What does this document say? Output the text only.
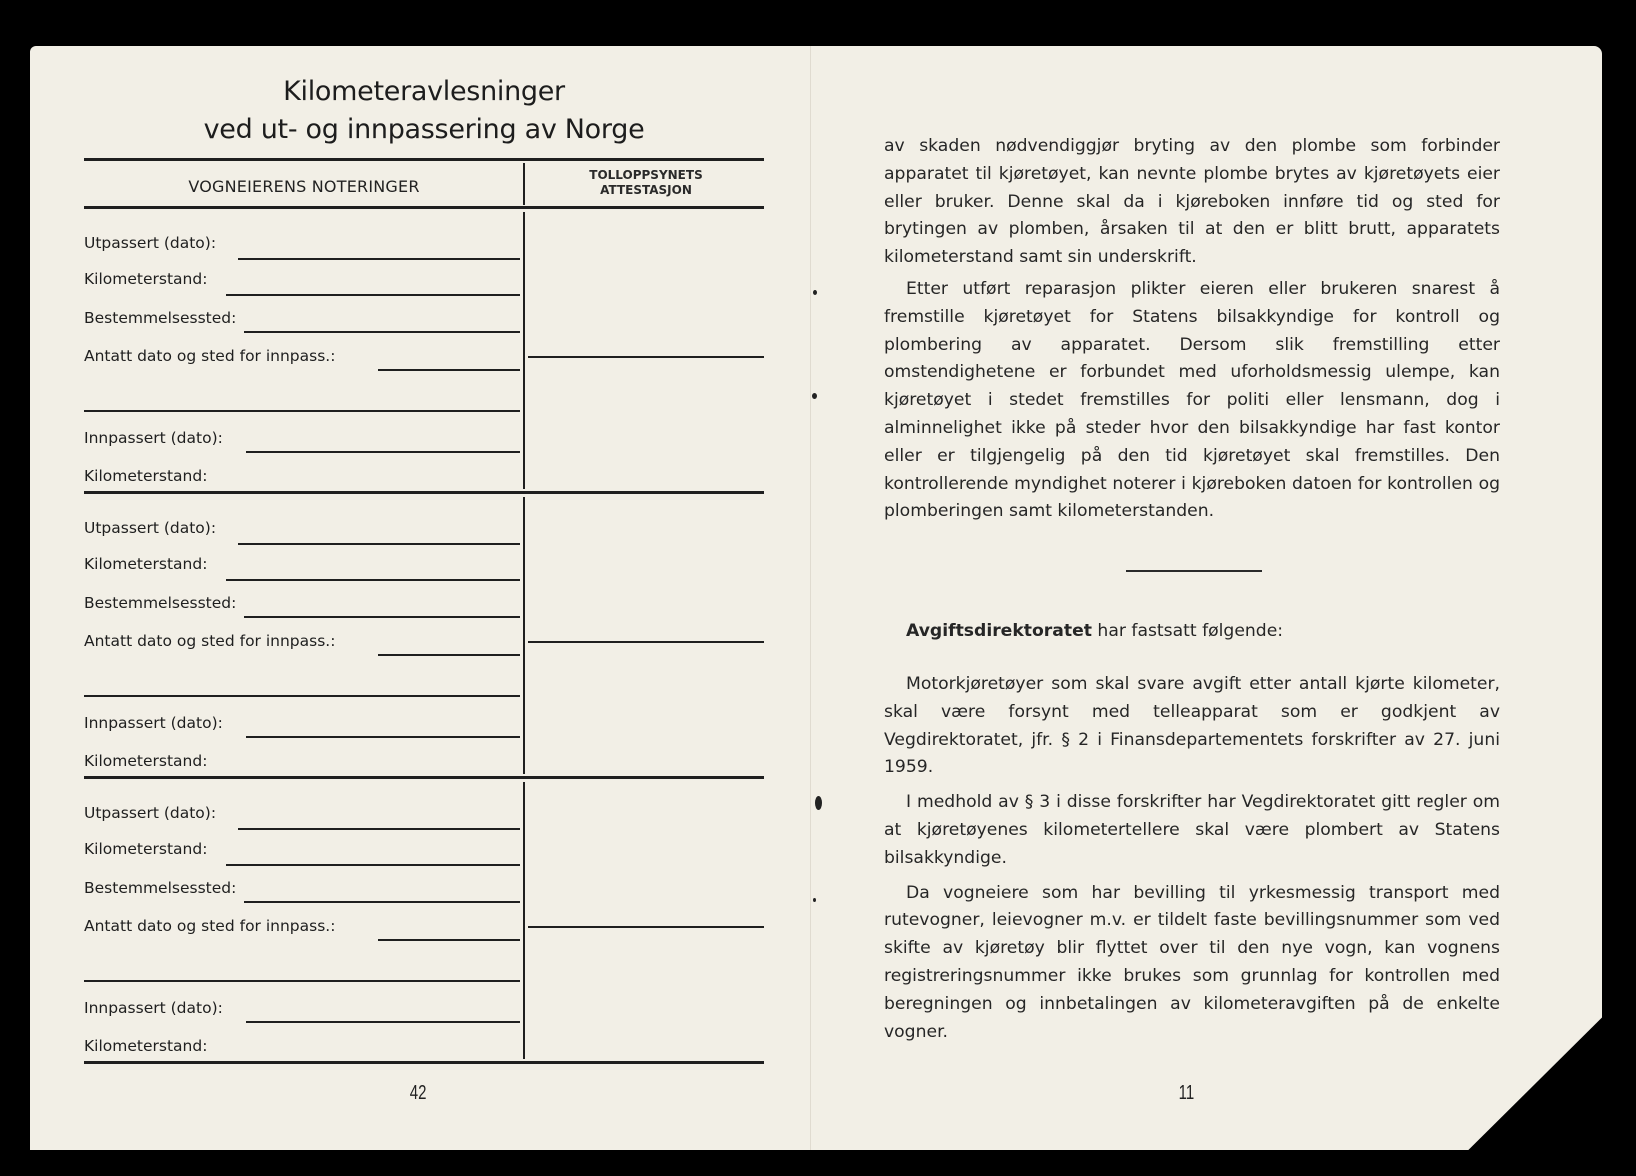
Kilometeravlesninger
ved ut- og innpassering av Norge
VOGNEIERENS NOTERINGER
TOLLOPPSYNETS
ATTESTASJON
Utpassert (dato):
Kilometerstand:
Bestemmelsessted:
Antatt dato og sted for innpass.:
Innpassert (dato):
Kilometerstand:
Utpassert (dato):
Kilometerstand:
Bestemmelsessted:
Antatt dato og sted for innpass.:
Innpassert (dato):
Kilometerstand:
Utpassert (dato):
Kilometerstand:
Bestemmelsessted:
Antatt dato og sted for innpass.:
Innpassert (dato):
Kilometerstand:
42

av skaden nødvendiggjør bryting av den plombe som forbinder apparatet til kjøretøyet, kan nevnte plombe brytes av kjøretøyets eier eller bruker. Denne skal da i kjøreboken innføre tid og sted for brytingen av plomben, årsaken til at den er blitt brutt, apparatets kilometerstand samt sin underskrift.

Etter utført reparasjon plikter eieren eller brukeren snarest å fremstille kjøretøyet for Statens bilsakkyndige for kontroll og plombering av apparatet. Dersom slik fremstilling etter omstendighetene er forbundet med uforholdsmessig ulempe, kan kjøretøyet i stedet fremstilles for politi eller lensmann, dog i alminnelighet ikke på steder hvor den bilsakkyndige har fast kontor eller er tilgjengelig på den tid kjøretøyet skal fremstilles. Den kontrollerende myndighet noterer i kjøreboken datoen for kontrollen og plomberingen samt kilometerstanden.

Avgiftsdirektoratet har fastsatt følgende:

Motorkjøretøyer som skal svare avgift etter antall kjørte kilometer, skal være forsynt med telleapparat som er godkjent av Vegdirektoratet, jfr. § 2 i Finansdepartementets forskrifter av 27. juni 1959.

I medhold av § 3 i disse forskrifter har Vegdirektoratet gitt regler om at kjøretøyenes kilometertellere skal være plombert av Statens bilsakkyndige.

Da vogneiere som har bevilling til yrkesmessig transport med rutevogner, leievogner m.v. er tildelt faste bevillingsnummer som ved skifte av kjøretøy blir flyttet over til den nye vogn, kan vognens registreringsnummer ikke brukes som grunnlag for kontrollen med beregningen og innbetalingen av kilometeravgiften på de enkelte vogner.

11
